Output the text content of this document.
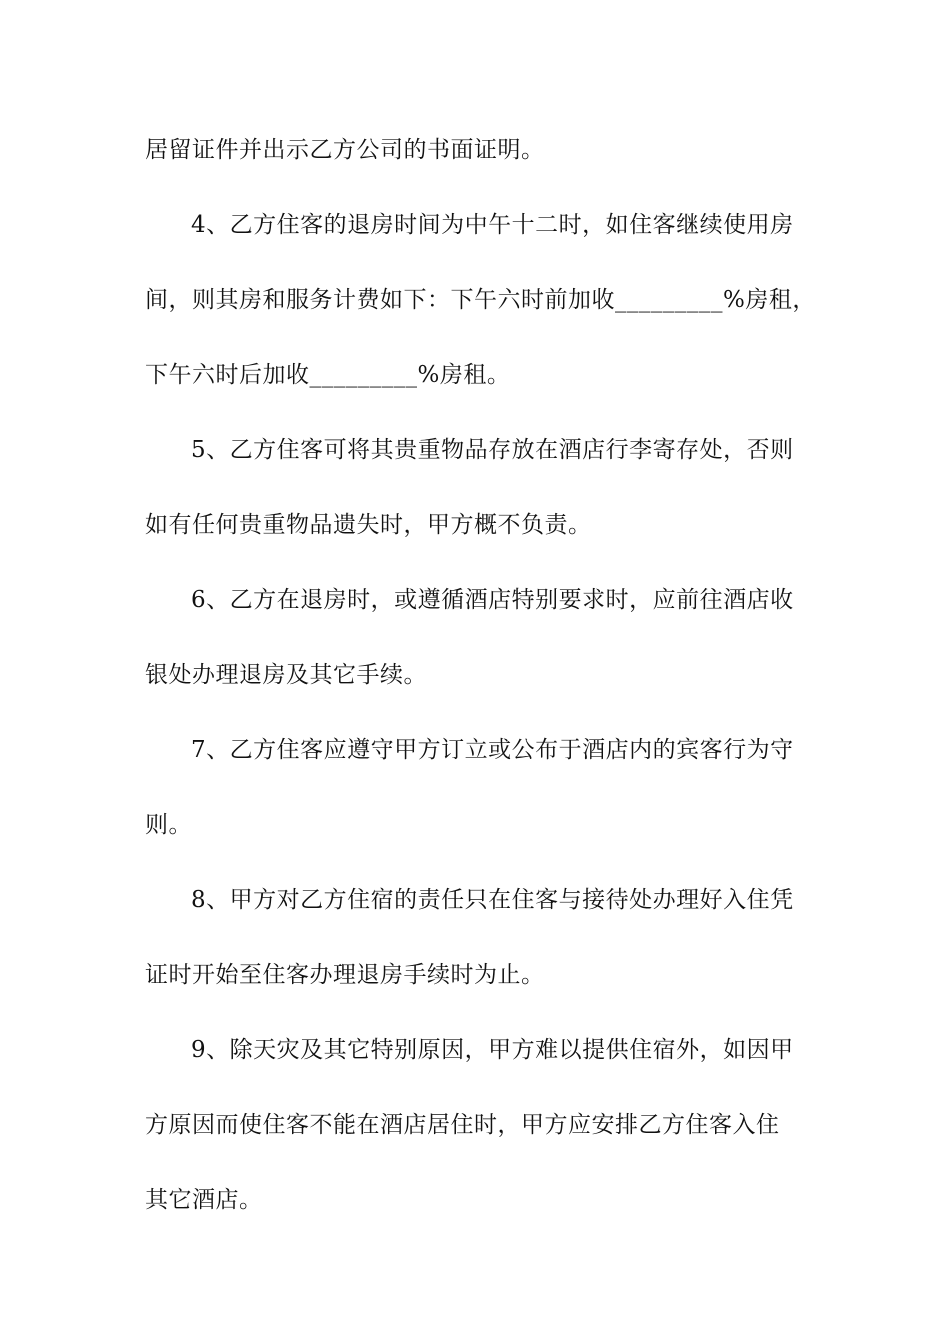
居留证件并出示乙方公司的书面证明。
4、乙方住客的退房时间为中午十二时，如住客继续使用房
间，则其房和服务计费如下：下午六时前加收_________%房租，
下午六时后加收_________%房租。
5、乙方住客可将其贵重物品存放在酒店行李寄存处，否则
如有任何贵重物品遗失时，甲方概不负责。
6、乙方在退房时，或遵循酒店特别要求时，应前往酒店收
银处办理退房及其它手续。
7、乙方住客应遵守甲方订立或公布于酒店内的宾客行为守
则。
8、甲方对乙方住宿的责任只在住客与接待处办理好入住凭
证时开始至住客办理退房手续时为止。
9、除天灾及其它特别原因，甲方难以提供住宿外，如因甲
方原因而使住客不能在酒店居住时，甲方应安排乙方住客入住
其它酒店。
